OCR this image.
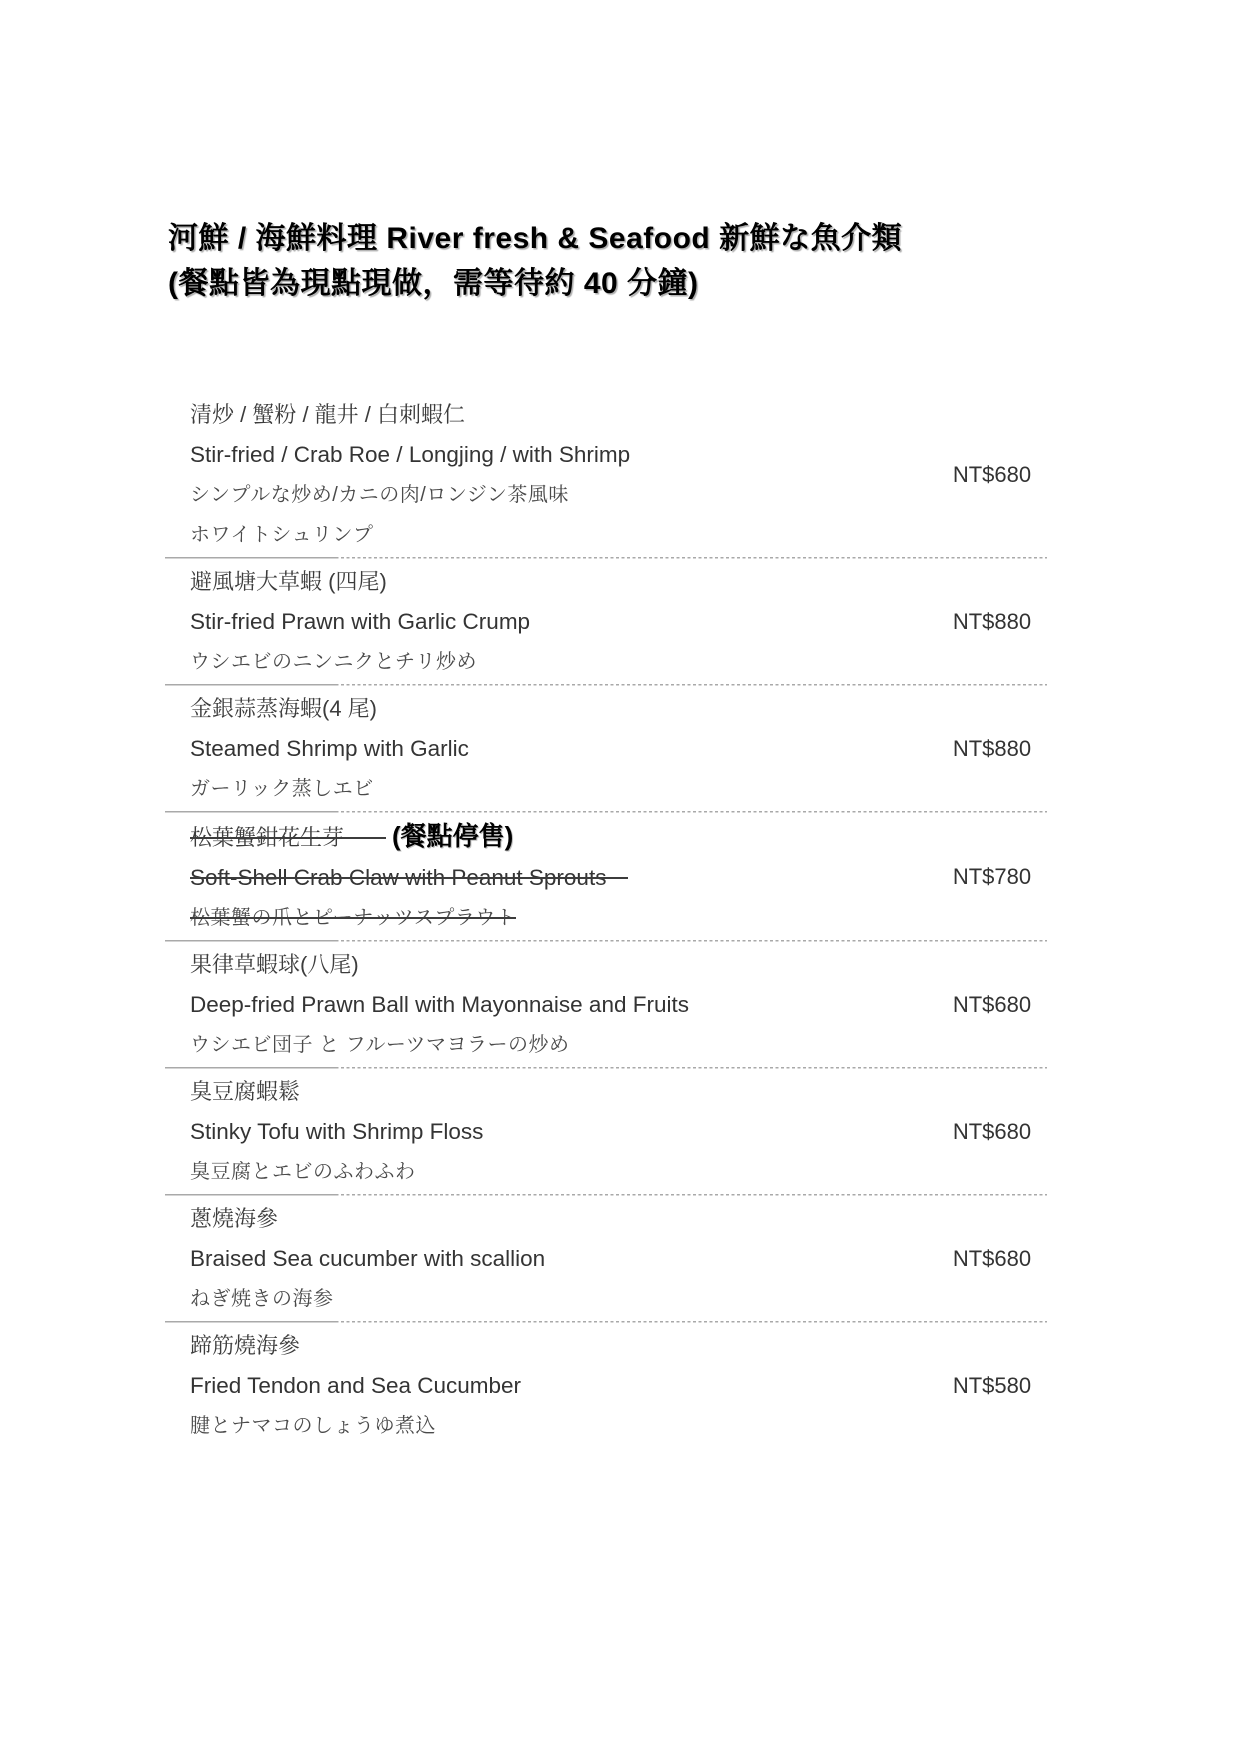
河鮮 / 海鮮料理 River fresh & Seafood 新鮮な魚介類
(餐點皆為現點現做，需等待約 40 分鐘)
清炒 / 蟹粉 / 龍井 / 白刺蝦仁
Stir-fried / Crab Roe / Longjing / with Shrimp
シンプルな炒め/カニの肉/ロンジン茶風味
ホワイトシュリンプ
NT$680
避風塘大草蝦 (四尾)
Stir-fried Prawn with Garlic Crump
ウシエビのニンニクとチリ炒め
NT$880
金銀蒜蒸海蝦(4 尾)
Steamed Shrimp with Garlic
ガーリック蒸しエビ
NT$880
松葉蟹鉗花生芽 (餐點停售)
Soft-Shell Crab Claw with Peanut Sprouts
松葉蟹の爪とピーナッツスプラウト
NT$780
果律草蝦球(八尾)
Deep-fried Prawn Ball with Mayonnaise and Fruits
ウシエビ団子 と フルーツマヨラーの炒め
NT$680
臭豆腐蝦鬆
Stinky Tofu with Shrimp Floss
臭豆腐とエビのふわふわ
NT$680
蔥燒海參
Braised Sea cucumber with scallion
ねぎ焼きの海参
NT$680
蹄筋燒海參
Fried Tendon and Sea Cucumber
腱とナマコのしょうゆ煮込
NT$580
